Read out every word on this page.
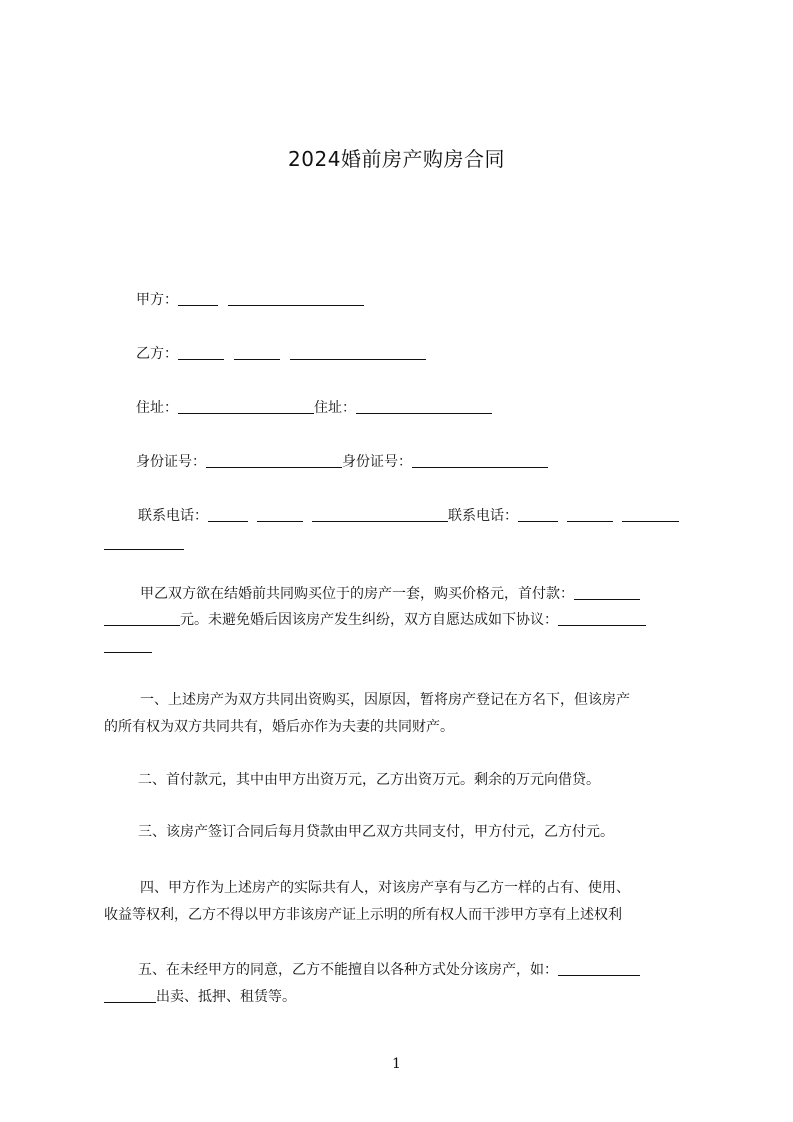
2024婚前房产购房合同
甲方：
乙方：
住址：	住址：
身份证号：	身份证号：
联系电话：	联系电话：
甲乙双方欲在结婚前共同购买位于的房产一套，购买价格元，首付款：
元。未避免婚后因该房产发生纠纷，双方自愿达成如下协议：
一、上述房产为双方共同出资购买，因原因，暂将房产登记在方名下，但该房产
的所有权为双方共同共有，婚后亦作为夫妻的共同财产。
二、首付款元，其中由甲方出资万元，乙方出资万元。剩余的万元向借贷。
三、该房产签订合同后每月贷款由甲乙双方共同支付，甲方付元，乙方付元。
四、甲方作为上述房产的实际共有人，对该房产享有与乙方一样的占有、使用、
收益等权利，乙方不得以甲方非该房产证上示明的所有权人而干涉甲方享有上述权利
五、在未经甲方的同意，乙方不能擅自以各种方式处分该房产，如：
出卖、抵押、租赁等。
1
